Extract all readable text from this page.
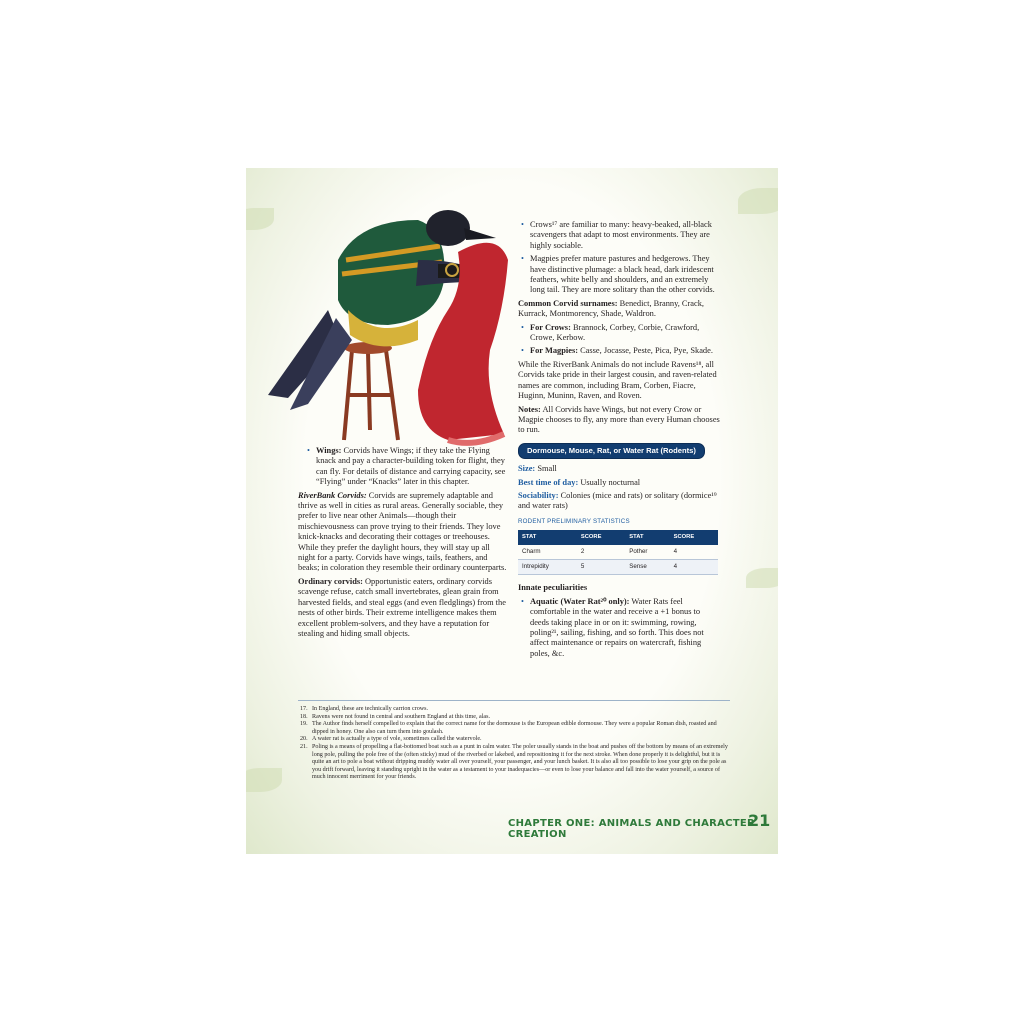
• Wings: Corvids have Wings; if they take the Flying knack and pay a character-building token for flight, they can fly. For details of distance and carrying capacity, see “Flying” under “Knacks” later in this chapter.

RiverBank Corvids: Corvids are supremely adaptable and thrive as well in cities as rural areas. Generally sociable, they prefer to live near other Animals—though their mischievousness can prove trying to their friends. They love knick-knacks and decorating their cottages or treehouses. While they prefer the daylight hours, they will stay up all night for a party. Corvids have wings, tails, feathers, and beaks; in coloration they resemble their ordinary counterparts.

Ordinary corvids: Opportunistic eaters, ordinary corvids scavenge refuse, catch small invertebrates, glean grain from harvested fields, and steal eggs (and even fledglings) from the nests of other birds. Their extreme intelligence makes them excellent problem-solvers, and they have a reputation for stealing and hiding small objects.

• Crows¹⁷ are familiar to many: heavy-beaked, all-black scavengers that adapt to most environments. They are highly sociable.
• Magpies prefer mature pastures and hedgerows. They have distinctive plumage: a black head, dark iridescent feathers, white belly and shoulders, and an extremely long tail. They are more solitary than the other corvids.

Common Corvid surnames: Benedict, Branny, Crack, Kurrack, Montmorency, Shade, Waldron.

• For Crows: Brannock, Corbey, Corbie, Crawford, Crowe, Kerbow.
• For Magpies: Casse, Jocasse, Peste, Pica, Pye, Skade.

While the RiverBank Animals do not include Ravens¹⁸, all Corvids take pride in their largest cousin, and raven-related names are common, including Bram, Corben, Fiacre, Huginn, Muninn, Raven, and Roven.

Notes: All Corvids have Wings, but not every Crow or Magpie chooses to fly, any more than every Human chooses to run.

Dormouse, Mouse, Rat, or Water Rat (Rodents)

Size: Small

Best time of day: Usually nocturnal

Sociability: Colonies (mice and rats) or solitary (dormice¹⁹ and water rats)

RODENT PRELIMINARY STATISTICS
STAT	SCORE	STAT	SCORE
Charm	2	Pother	4
Intrepidity	5	Sense	4

Innate peculiarities

• Aquatic (Water Rat²⁰ only): Water Rats feel comfortable in the water and receive a +1 bonus to deeds taking place in or on it: swimming, rowing, poling²¹, sailing, fishing, and so forth. This does not affect maintenance or repairs on watercraft, fishing poles, &c.
17. In England, these are technically carrion crows.
18. Ravens were not found in central and southern England at this time, alas.
19. The Author finds herself compelled to explain that the correct name for the dormouse is the European edible dormouse. They were a popular Roman dish, roasted and dipped in honey. One also can turn them into goulash.
20. A water rat is actually a type of vole, sometimes called the watervole.
21. Poling is a means of propelling a flat-bottomed boat such as a punt in calm water. The poler usually stands in the boat and pushes off the bottom by means of an extremely long pole, pulling the pole free of the (often sticky) mud of the riverbed or lakebed, and repositioning it for the next stroke. When done properly it is delightful, but it is quite an art to pole a boat without dripping muddy water all over yourself, your passenger, and your lunch basket. It is also all too possible to lose your grip on the pole as you drift forward, leaving it standing upright in the water as a testament to your inadequacies—or even to lose your balance and fall into the water yourself, a source of much innocent merriment for your friends.
CHAPTER ONE: ANIMALS AND CHARACTER CREATION
21
